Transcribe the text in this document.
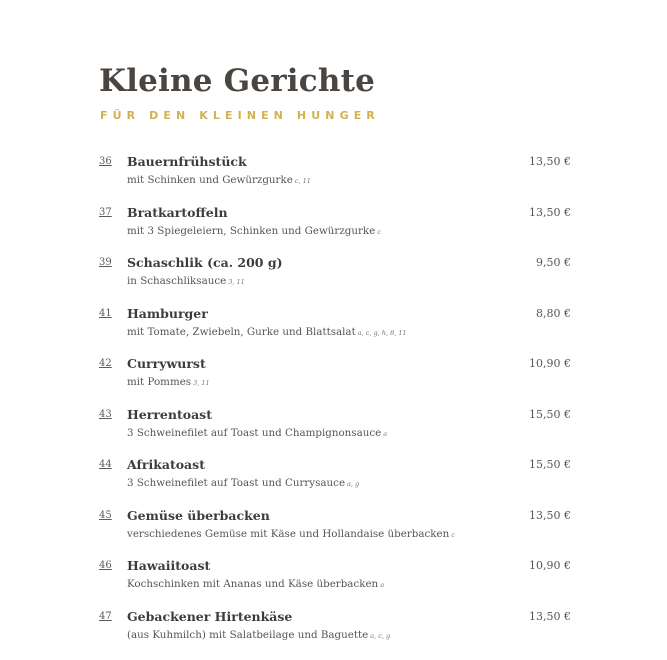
Kleine Gerichte
FÜR DEN KLEINEN HUNGER
36 Bauernfrühstück
mit Schinken und Gewürzgurke c, 11
13,50 €
37 Bratkartoffeln
mit 3 Spiegeleiern, Schinken und Gewürzgurke c
13,50 €
39 Schaschlik (ca. 200 g)
in Schaschliksauce 3, 11
9,50 €
41 Hamburger
mit Tomate, Zwiebeln, Gurke und Blattsalat a, c, g, h, 8, 11
8,80 €
42 Currywurst
mit Pommes 3, 11
10,90 €
43 Herrentoast
3 Schweinefilet auf Toast und Champignonsauce a
15,50 €
44 Afrikatoast
3 Schweinefilet auf Toast und Currysauce a, g
15,50 €
45 Gemüse überbacken
verschiedenes Gemüse mit Käse und Hollandaise überbacken c
13,50 €
46 Hawaiitoast
Kochschinken mit Ananas und Käse überbacken a
10,90 €
47 Gebackener Hirtenkäse
(aus Kuhmilch) mit Salatbeilage und Baguette a, c, g
13,50 €
